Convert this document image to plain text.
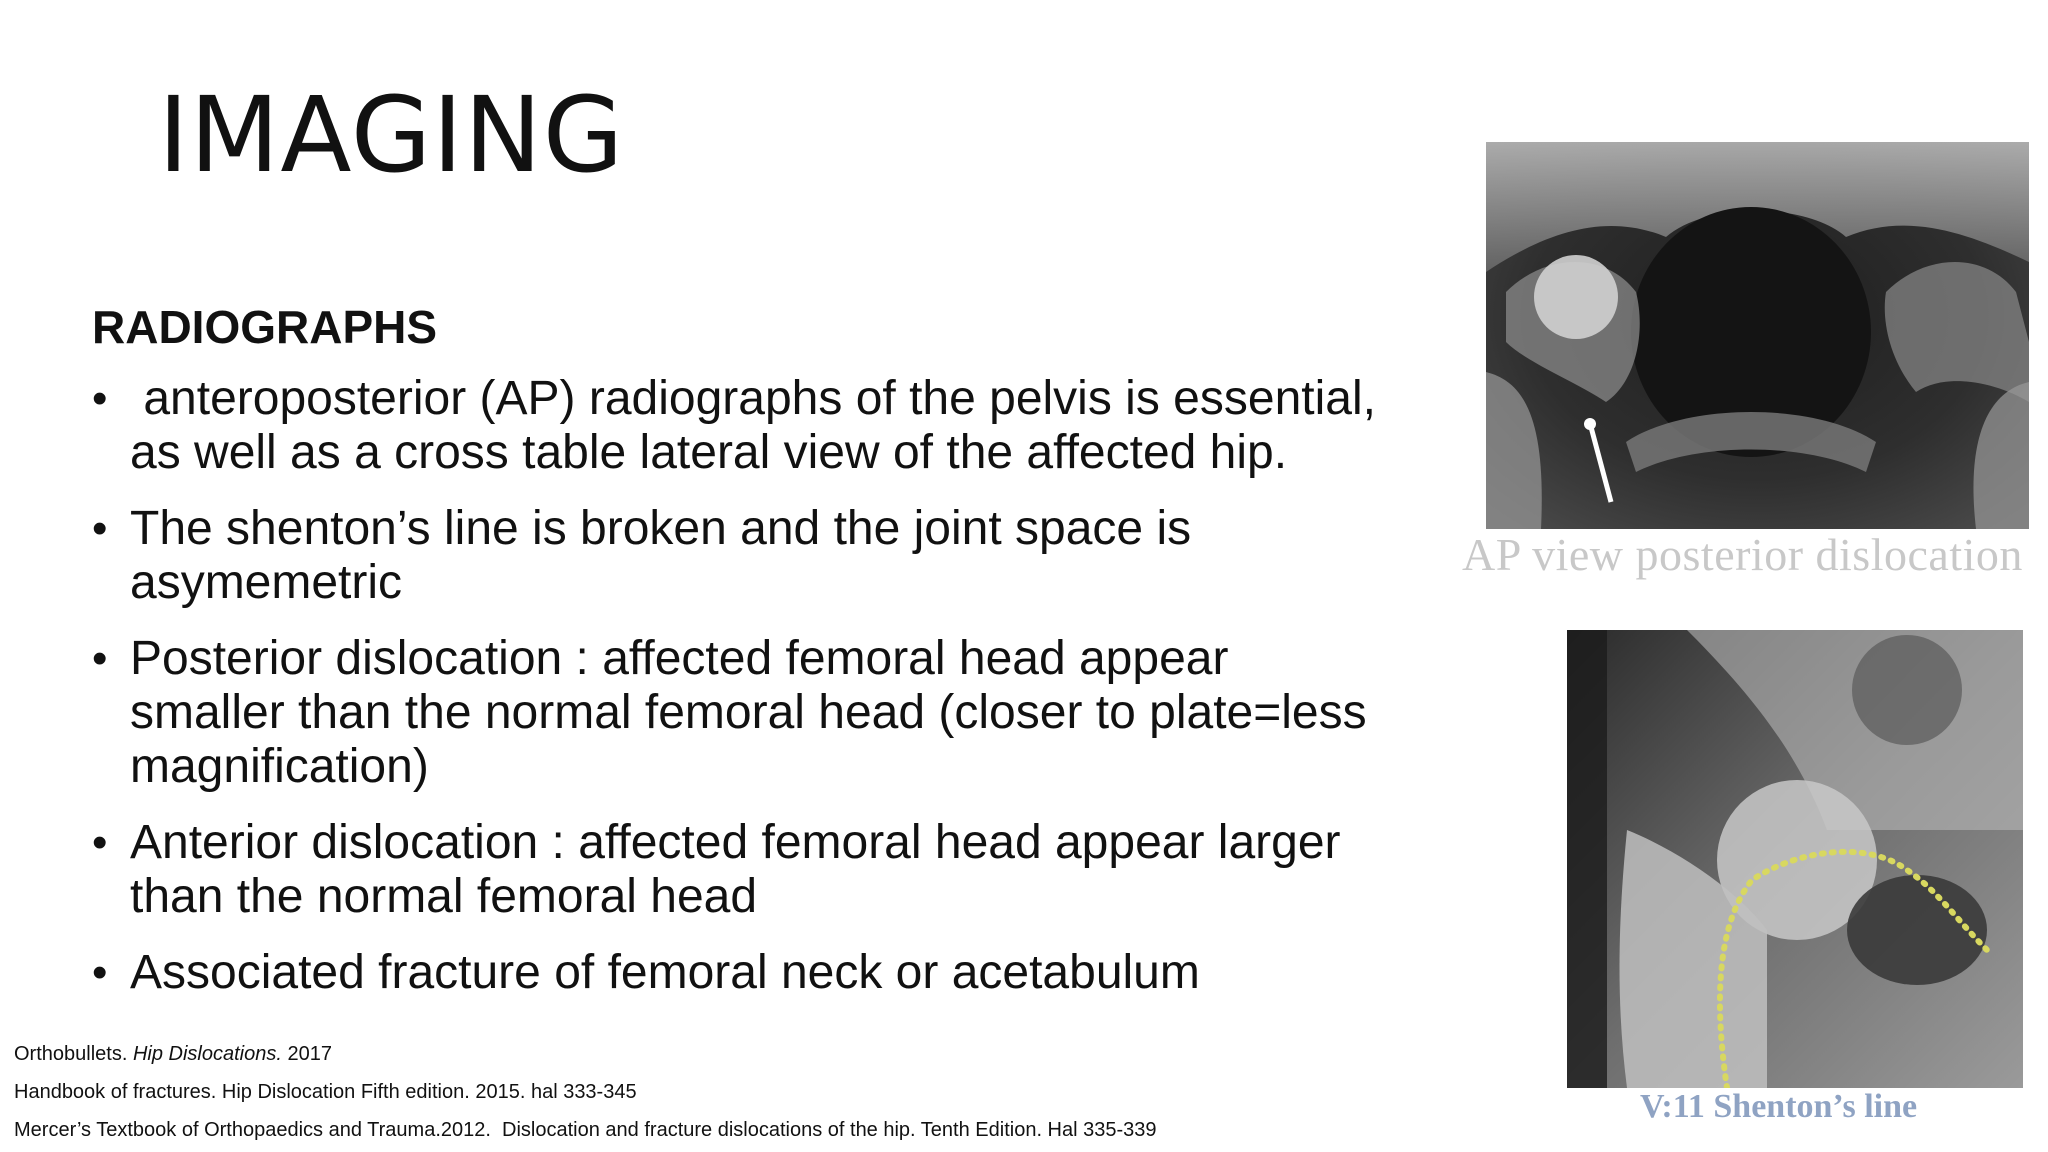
IMAGING
RADIOGRAPHS
• anteroposterior (AP) radiographs of the pelvis is essential,
as well as a cross table lateral view of the affected hip.
• The shenton’s line is broken and the joint space is
asymemetric
• Posterior dislocation : affected femoral head appear
smaller than the normal femoral head (closer to plate=less
magnification)
• Anterior dislocation : affected femoral head appear larger
than the normal femoral head
• Associated fracture of femoral neck or acetabulum
Orthobullets. Hip Dislocations. 2017
Handbook of fractures. Hip Dislocation Fifth edition. 2015. hal 333-345
Mercer’s Textbook of Orthopaedics and Trauma.2012.  Dislocation and fracture dislocations of the hip. Tenth Edition. Hal 335-339
AP view posterior dislocation
V:11 Shenton’s line
